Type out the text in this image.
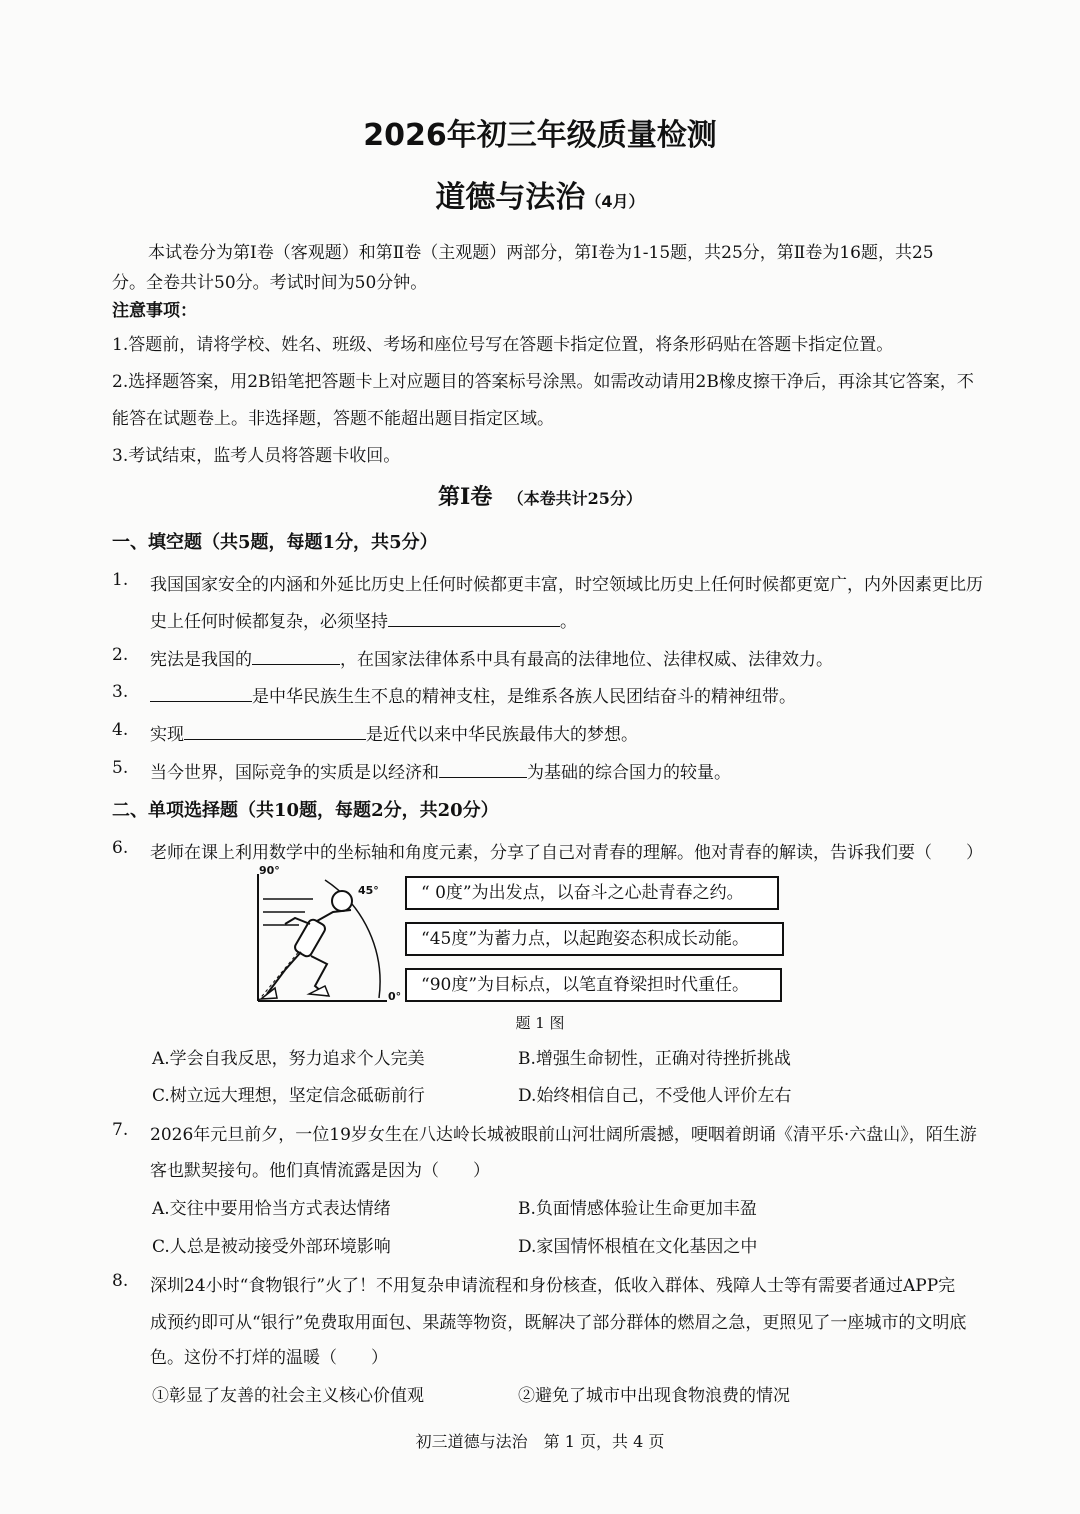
2026年初三年级质量检测
道德与法治（4月）
本试卷分为第Ⅰ卷（客观题）和第Ⅱ卷（主观题）两部分，第Ⅰ卷为1-15题，共25分，第Ⅱ卷为16题，共25
分。全卷共计50分。考试时间为50分钟。
注意事项：
1.答题前，请将学校、姓名、班级、考场和座位号写在答题卡指定位置，将条形码贴在答题卡指定位置。
2.选择题答案，用2B铅笔把答题卡上对应题目的答案标号涂黑。如需改动请用2B橡皮擦干净后，再涂其它答案，不
能答在试题卷上。非选择题，答题不能超出题目指定区域。
3.考试结束，监考人员将答题卡收回。
第Ⅰ卷 （本卷共计25分）
一、填空题（共5题，每题1分，共5分）
1. 我国国家安全的内涵和外延比历史上任何时候都更丰富，时空领域比历史上任何时候都更宽广，内外因素更比历
史上任何时候都复杂，必须坚持	。
2. 宪法是我国的	，在国家法律体系中具有最高的法律地位、法律权威、法律效力。
3.	是中华民族生生不息的精神支柱，是维系各族人民团结奋斗的精神纽带。
4. 实现	是近代以来中华民族最伟大的梦想。
5. 当今世界，国际竞争的实质是以经济和	为基础的综合国力的较量。
二、单项选择题（共10题，每题2分，共20分）
6. 老师在课上利用数学中的坐标轴和角度元素，分享了自己对青春的理解。他对青春的解读，告诉我们要（　　）
90°
45°
0°
“ 0度”为出发点，以奋斗之心赴青春之约。
“45度”为蓄力点，以起跑姿态积成长动能。
“90度”为目标点，以笔直脊梁担时代重任。
题 1 图
A.学会自我反思，努力追求个人完美	B.增强生命韧性，正确对待挫折挑战
C.树立远大理想，坚定信念砥砺前行	D.始终相信自己，不受他人评价左右
7. 2026年元旦前夕，一位19岁女生在八达岭长城被眼前山河壮阔所震撼，哽咽着朗诵《清平乐·六盘山》，陌生游
客也默契接句。他们真情流露是因为（　　）
A.交往中要用恰当方式表达情绪	B.负面情感体验让生命更加丰盈
C.人总是被动接受外部环境影响	D.家国情怀根植在文化基因之中
8. 深圳24小时“食物银行”火了！不用复杂申请流程和身份核查，低收入群体、残障人士等有需要者通过APP完
成预约即可从“银行”免费取用面包、果蔬等物资，既解决了部分群体的燃眉之急，更照见了一座城市的文明底
色。这份不打烊的温暖（　　）
①彰显了友善的社会主义核心价值观	②避免了城市中出现食物浪费的情况
初三道德与法治　第 1 页，共 4 页
